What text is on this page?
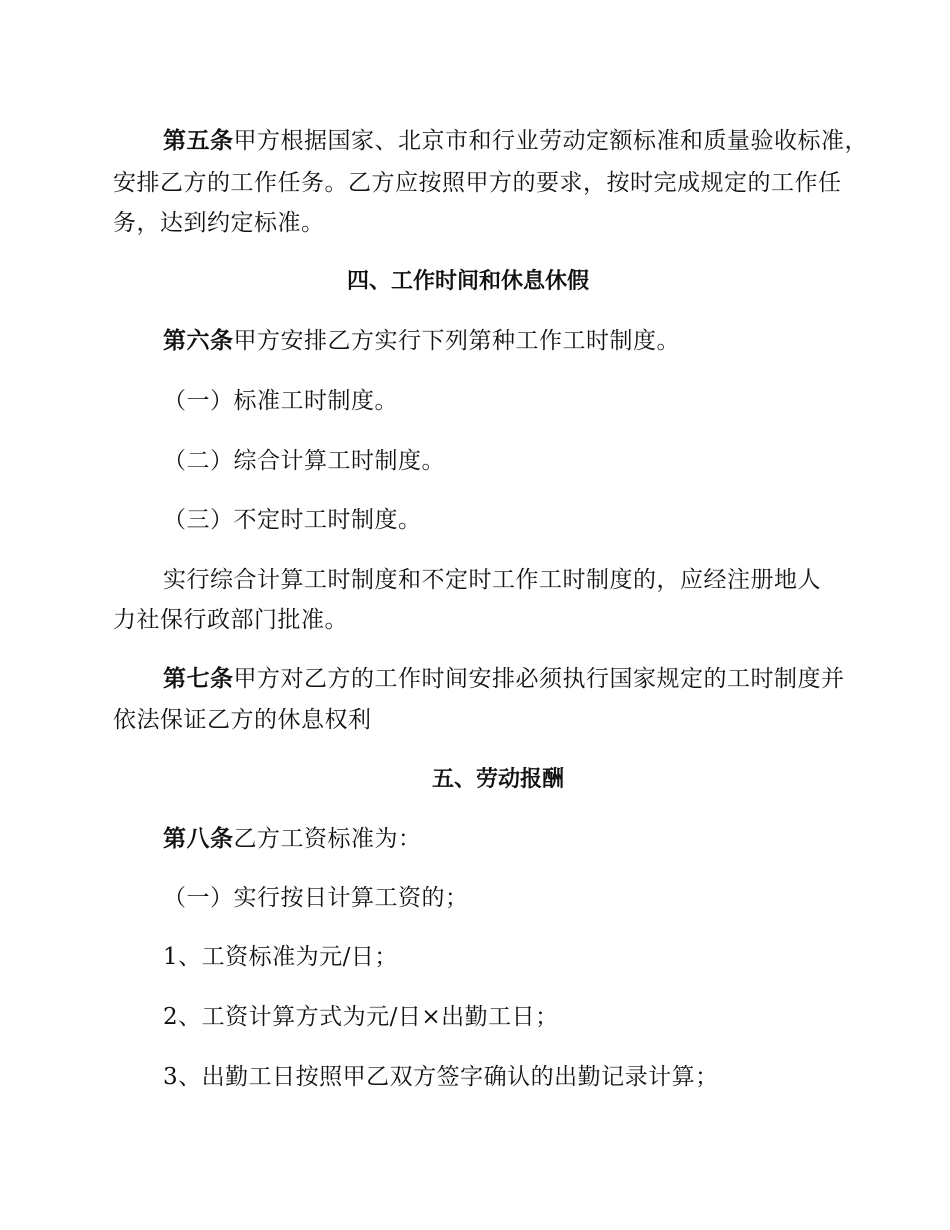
第五条甲方根据国家、北京市和行业劳动定额标准和质量验收标准，
安排乙方的工作任务。乙方应按照甲方的要求，按时完成规定的工作任
务，达到约定标准。
四、工作时间和休息休假
第六条甲方安排乙方实行下列第种工作工时制度。
（一）标准工时制度。
（二）综合计算工时制度。
（三）不定时工时制度。
实行综合计算工时制度和不定时工作工时制度的，应经注册地人
力社保行政部门批准。
第七条甲方对乙方的工作时间安排必须执行国家规定的工时制度并
依法保证乙方的休息权利
五、劳动报酬
第八条乙方工资标准为：
（一）实行按日计算工资的；
1、工资标准为元/日；
2、工资计算方式为元/日×出勤工日；
3、出勤工日按照甲乙双方签字确认的出勤记录计算；
